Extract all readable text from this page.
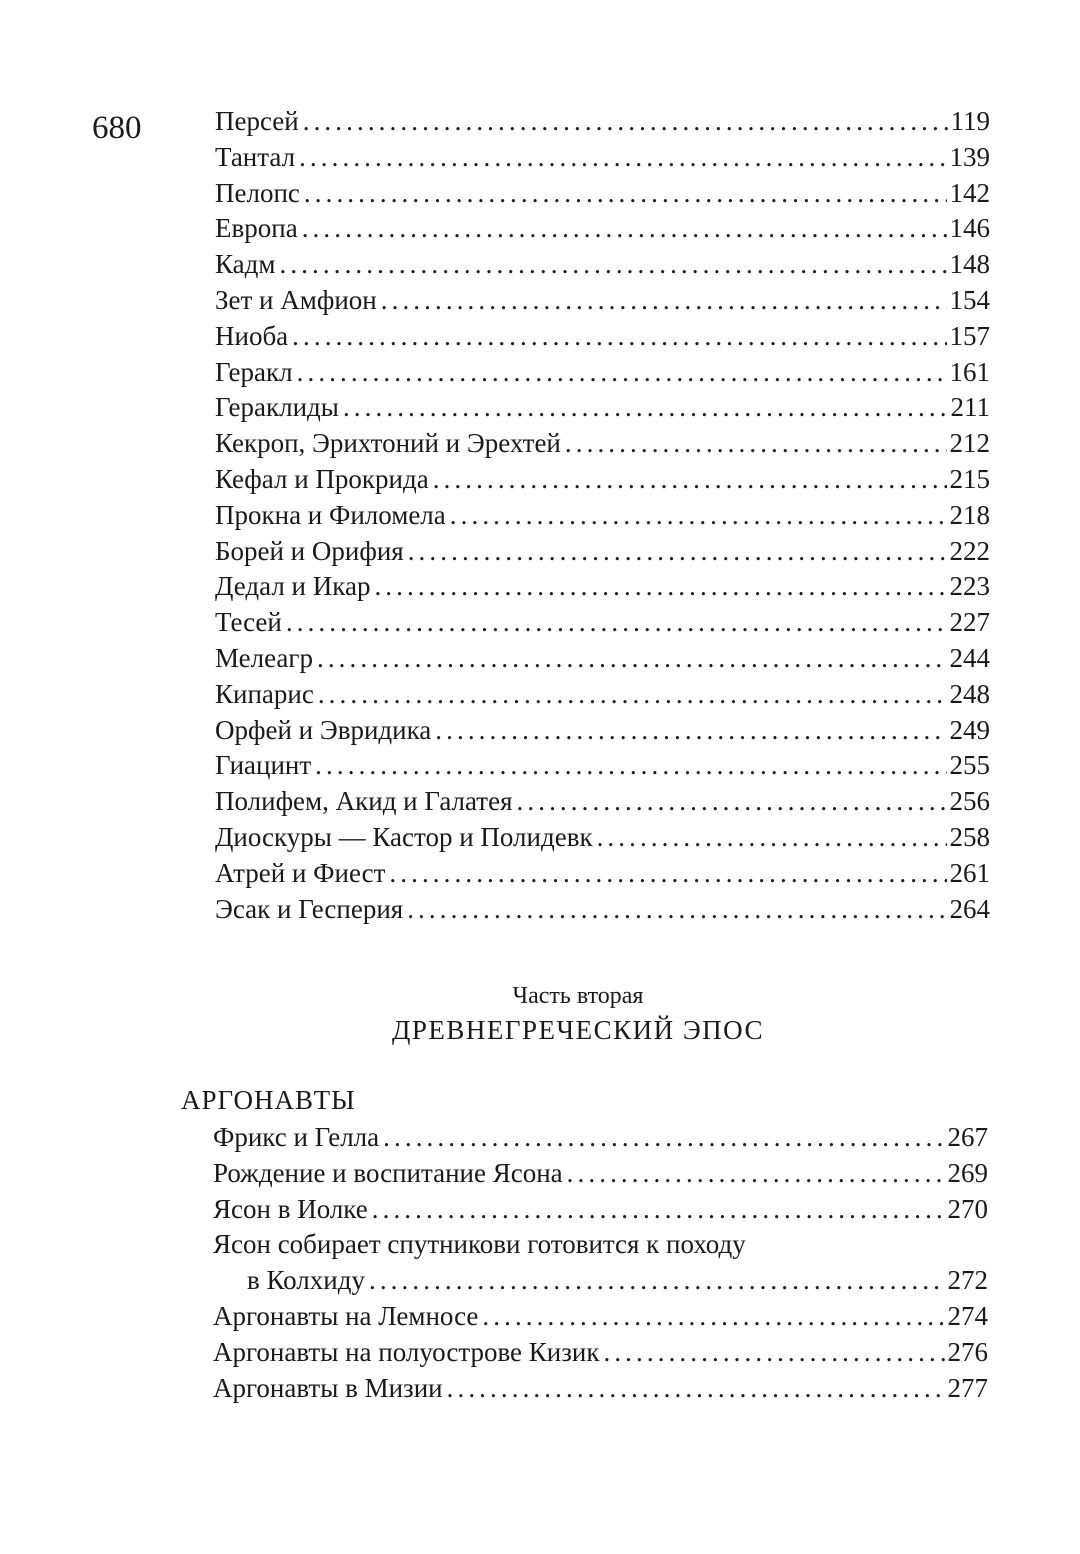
680	Персей .....	119
Тантал .....	139
Пелопс .....	142
Европа .....	146
Кадм .....	148
Зет и Амфион .....	154
Ниоба .....	157
Геракл .....	161
Гераклиды .....	211
Кекроп, Эрихтоний и Эрехтей .....	212
Кефал и Прокрида .....	215
Прокна и Филомела .....	218
Борей и Орифия .....	222
Дедал и Икар .....	223
Тесей .....	227
Мелеагр .....	244
Кипарис .....	248
Орфей и Эвридика .....	249
Гиацинт .....	255
Полифем, Акид и Галатея .....	256
Диоскуры — Кастор и Полидевк .....	258
Атрей и Фиест .....	261
Эсак и Гесперия .....	264
Часть вторая
ДРЕВНЕГРЕЧЕСКИЙ ЭПОС
АРГОНАВТЫ
Фрикс и Гелла .....	267
Рождение и воспитание Ясона .....	269
Ясон в Иолке .....	270
Ясон собирает спутникови готовится к походу
в Колхиду .....	272
Аргонавты на Лемносе .....	274
Аргонавты на полуострове Кизик .....	276
Аргонавты в Мизии .....	277
